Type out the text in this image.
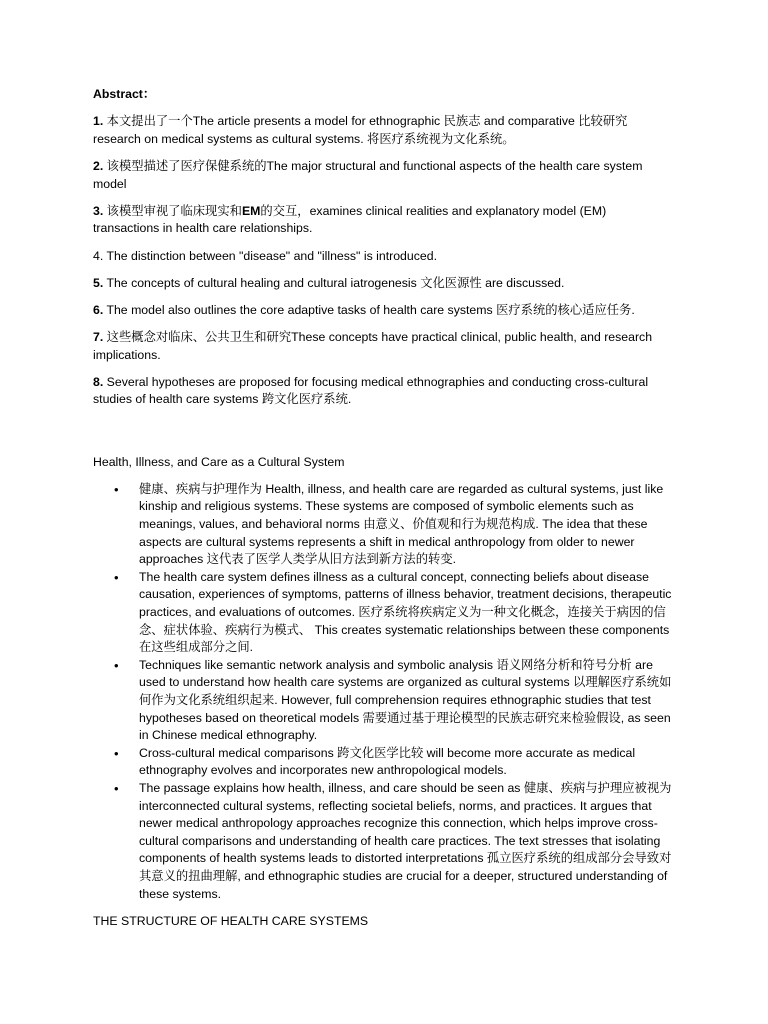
Abstract：

1. 本文提出了一个The article presents a model for ethnographic 民族志 and comparative 比较研究 research on medical systems as cultural systems. 将医疗系统视为文化系统。

2. 该模型描述了医疗保健系统的The major structural and functional aspects of the health care system model

3. 该模型审视了临床现实和EM的交互，examines clinical realities and explanatory model (EM) transactions in health care relationships.

4. The distinction between "disease" and "illness" is introduced.

5. The concepts of cultural healing and cultural iatrogenesis 文化医源性 are discussed.

6. The model also outlines the core adaptive tasks of health care systems 医疗系统的核心适应任务.

7. 这些概念对临床、公共卫生和研究These concepts have practical clinical, public health, and research implications.

8. Several hypotheses are proposed for focusing medical ethnographies and conducting cross-cultural studies of health care systems 跨文化医疗系统.

Health, Illness, and Care as a Cultural System

• 健康、疾病与护理作为 Health, illness, and health care are regarded as cultural systems, just like kinship and religious systems. These systems are composed of symbolic elements such as meanings, values, and behavioral norms 由意义、价值观和行为规范构成. The idea that these aspects are cultural systems represents a shift in medical anthropology from older to newer approaches 这代表了医学人类学从旧方法到新方法的转变.
• The health care system defines illness as a cultural concept, connecting beliefs about disease causation, experiences of symptoms, patterns of illness behavior, treatment decisions, therapeutic practices, and evaluations of outcomes. 医疗系统将疾病定义为一种文化概念，连接关于病因的信念、症状体验、疾病行为模式、 This creates systematic relationships between these components 在这些组成部分之间.
• Techniques like semantic network analysis and symbolic analysis 语义网络分析和符号分析 are used to understand how health care systems are organized as cultural systems 以理解医疗系统如何作为文化系统组织起来. However, full comprehension requires ethnographic studies that test hypotheses based on theoretical models 需要通过基于理论模型的民族志研究来检验假设, as seen in Chinese medical ethnography.
• Cross-cultural medical comparisons 跨文化医学比较 will become more accurate as medical ethnography evolves and incorporates new anthropological models.
• The passage explains how health, illness, and care should be seen as 健康、疾病与护理应被视为 interconnected cultural systems, reflecting societal beliefs, norms, and practices. It argues that newer medical anthropology approaches recognize this connection, which helps improve cross-cultural comparisons and understanding of health care practices. The text stresses that isolating components of health systems leads to distorted interpretations 孤立医疗系统的组成部分会导致对其意义的扭曲理解, and ethnographic studies are crucial for a deeper, structured understanding of these systems.

THE STRUCTURE OF HEALTH CARE SYSTEMS
